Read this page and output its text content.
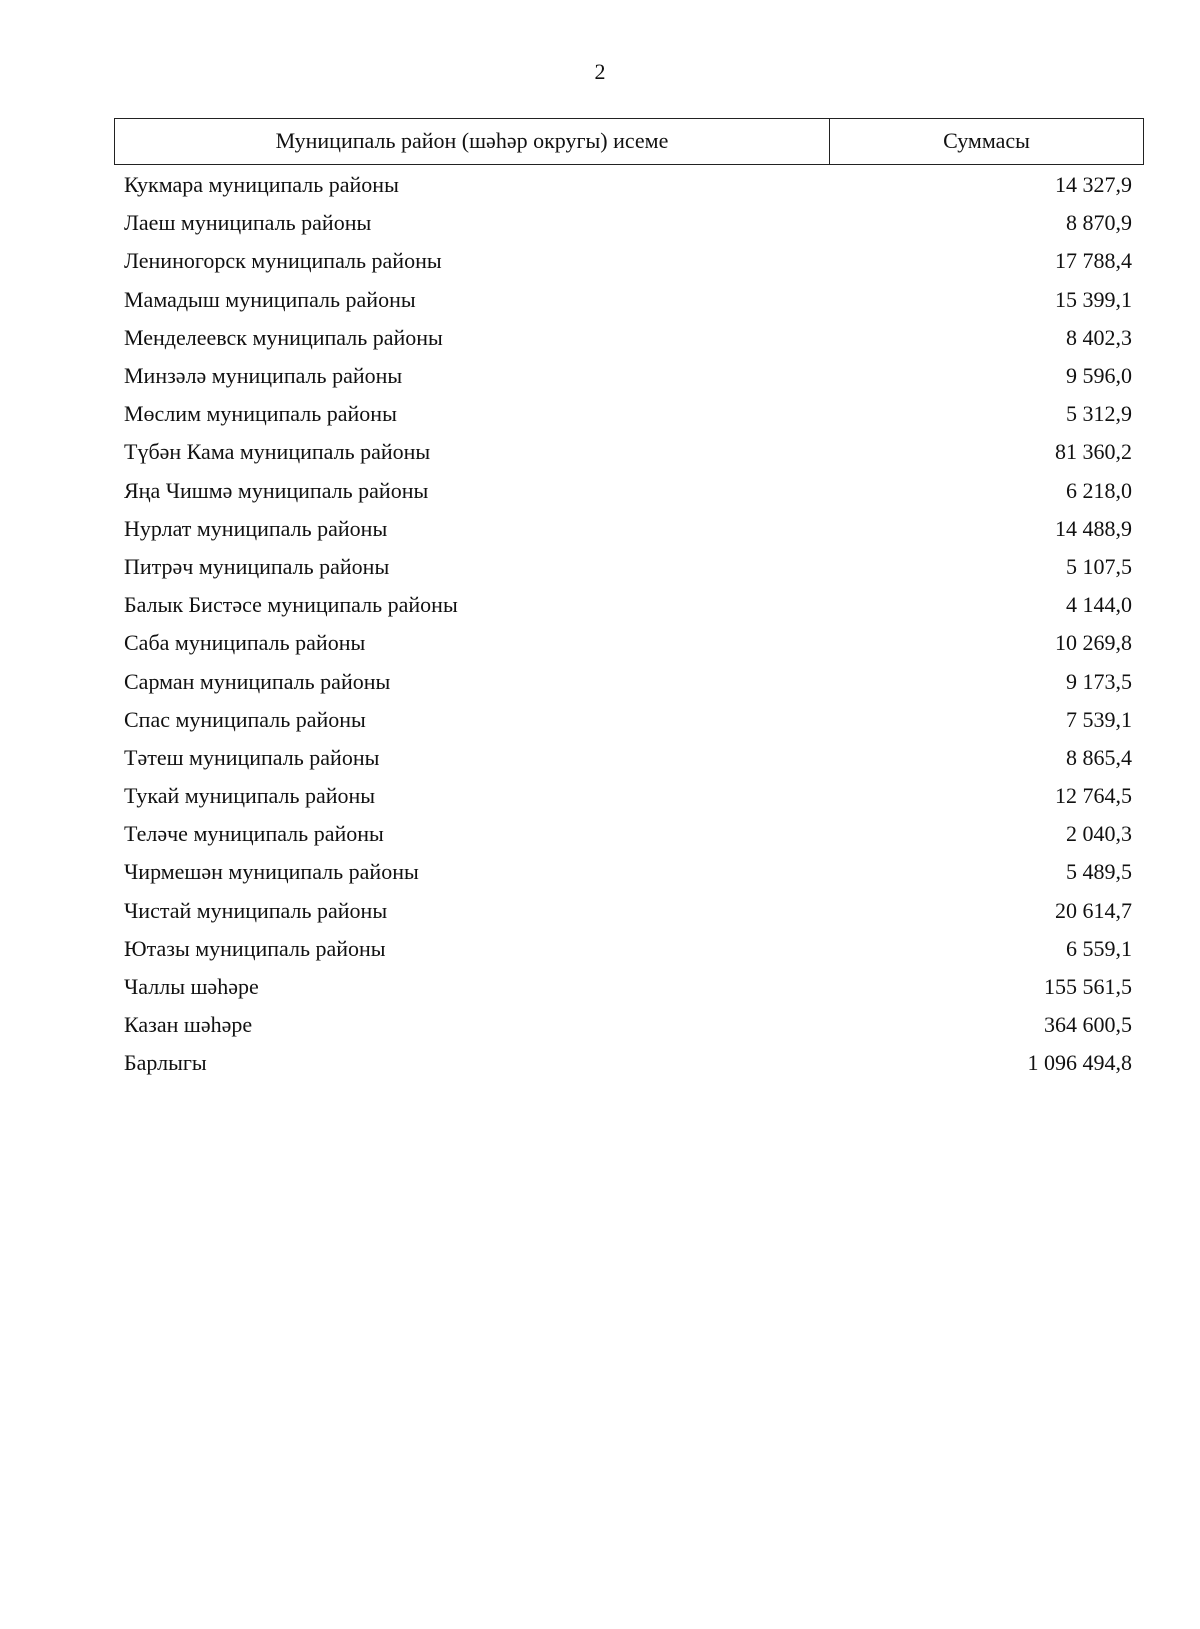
2
Муниципаль район (шәһәр округы) исеме	Суммасы
Кукмара муниципаль районы	14 327,9
Лаеш муниципаль районы	8 870,9
Лениногорск муниципаль районы	17 788,4
Мамадыш муниципаль районы	15 399,1
Менделеевск муниципаль районы	8 402,3
Минзәлә муниципаль районы	9 596,0
Мөслим муниципаль районы	5 312,9
Түбән Кама муниципаль районы	81 360,2
Яңа Чишмә муниципаль районы	6 218,0
Нурлат муниципаль районы	14 488,9
Питрәч муниципаль районы	5 107,5
Балык Бистәсе муниципаль районы	4 144,0
Саба муниципаль районы	10 269,8
Сарман муниципаль районы	9 173,5
Спас муниципаль районы	7 539,1
Тәтеш муниципаль районы	8 865,4
Тукай муниципаль районы	12 764,5
Теләче муниципаль районы	2 040,3
Чирмешән муниципаль районы	5 489,5
Чистай муниципаль районы	20 614,7
Ютазы муниципаль районы	6 559,1
Чаллы шәһәре	155 561,5
Казан шәһәре	364 600,5
Барлыгы	1 096 494,8
